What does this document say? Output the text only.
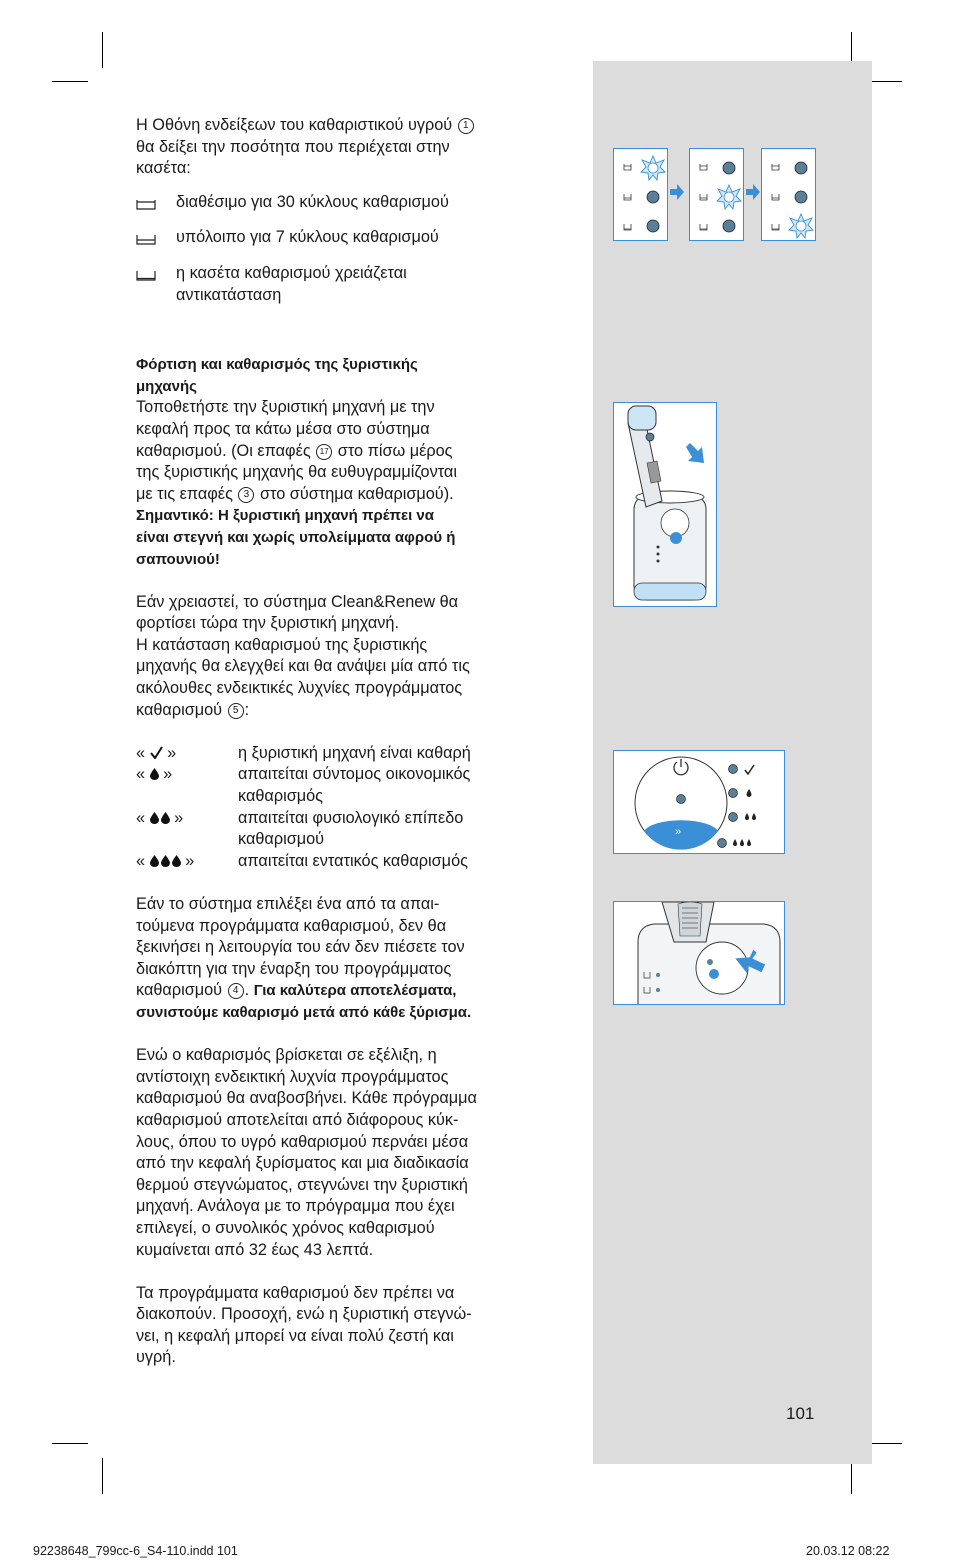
»

Η Οθόνη ενδείξεων του καθαριστικού υγρού 1

θα δείξει την ποσότητα που περιέχεται στην

κασέτα:

διαθέσιμο για 30 κύκλους καθαρισμού
υπόλοιπο για 7 κύκλους καθαρισμού
η κασέτα καθαρισμού χρειάζεται
αντικατάσταση

Φόρτιση και καθαρισμός της ξυριστικής

μηχανής

Τοποθετήστε την ξυριστική μηχανή με την

κεφαλή προς τα κάτω μέσα στο σύστημα

καθαρισμού. (Οι επαφές 17 στο πίσω μέρος

της ξυριστικής μηχανής θα ευθυγραμμίζονται

με τις επαφές 3 στο σύστημα καθαρισμού).

Σημαντικό: Η ξυριστική μηχανή πρέπει να

είναι στεγνή και χωρίς υπολείμματα αφρού ή

σαπουνιού!

Εάν χρειαστεί, το σύστημα Clean&Renew θα

φορτίσει τώρα την ξυριστική μηχανή.

Η κατάσταση καθαρισμού της ξυριστικής

μηχανής θα ελεγχθεί και θα ανάψει μία από τις

ακόλουθες ενδεικτικές λυχνίες προγράμματος

καθαρισμού 5 :

« »	η ξυριστική μηχανή είναι καθαρή
« »	απαιτείται σύντομος οικονομικός
καθαρισμός
« »	απαιτείται φυσιολογικό επίπεδο
καθαρισμού
« »	απαιτείται εντατικός καθαρισμός

Εάν το σύστημα επιλέξει ένα από τα απαι-

τούμενα προγράμματα καθαρισμού, δεν θα

ξεκινήσει η λειτουργία του εάν δεν πιέσετε τον

διακόπτη για την έναρξη του προγράμματος

καθαρισμού 4 . Για καλύτερα αποτελέσματα,

συνιστούμε καθαρισμό μετά από κάθε ξύρισμα.

Ενώ ο καθαρισμός βρίσκεται σε εξέλιξη, η

αντίστοιχη ενδεικτική λυχνία προγράμματος

καθαρισμού θα αναβοσβήνει. Κάθε πρόγραμμα

καθαρισμού αποτελείται από διάφορους κύκ-

λους, όπου το υγρό καθαρισμού περνάει μέσα

από την κεφαλή ξυρίσματος και μια διαδικασία

θερμού στεγνώματος, στεγνώνει την ξυριστική

μηχανή. Ανάλογα με το πρόγραμμα που έχει

επιλεγεί, ο συνολικός χρόνος καθαρισμού

κυμαίνεται από 32 έως 43 λεπτά.

Τα προγράμματα καθαρισμού δεν πρέπει να

διακοπούν. Προσοχή, ενώ η ξυριστική στεγνώ-

νει, η κεφαλή μπορεί να είναι πολύ ζεστή και

υγρή.

101
92238648_799cc-6_S4-110.indd 101	20.03.12 08:22
